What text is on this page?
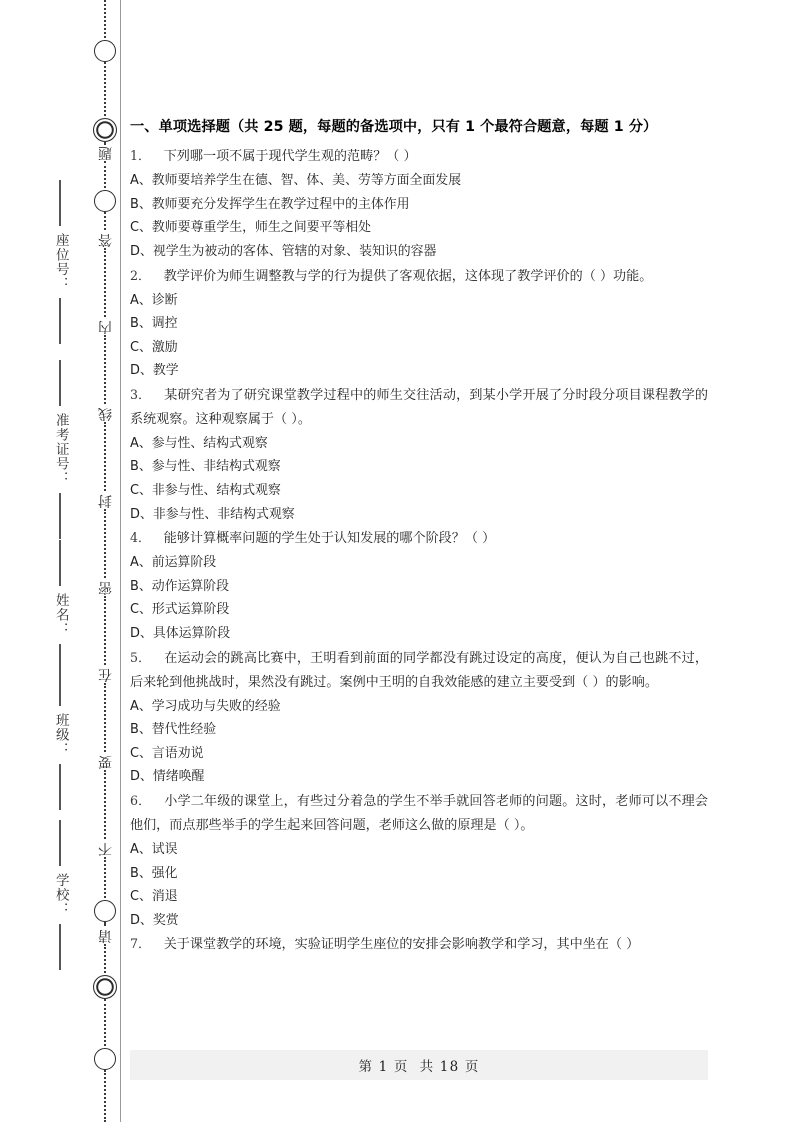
座位号：
准考证号：
姓名：
班级：
学校：
题
答
内
线
封
密
在
要
不
请
一、单项选择题（共 25 题，每题的备选项中，只有 1 个最符合题意，每题 1 分）

1．   下列哪一项不属于现代学生观的范畴？（ ）

A、教师要培养学生在德、智、体、美、劳等方面全面发展

B、教师要充分发挥学生在教学过程中的主体作用

C、教师要尊重学生，师生之间要平等相处

D、视学生为被动的客体、管辖的对象、装知识的容器

2．   教学评价为师生调整教与学的行为提供了客观依据，这体现了教学评价的（ ）功能。

A、诊断

B、调控

C、激励

D、教学

3．   某研究者为了研究课堂教学过程中的师生交往活动，到某小学开展了分时段分项目课程教学的系统观察。这种观察属于（ ）。

A、参与性、结构式观察

B、参与性、非结构式观察

C、非参与性、结构式观察

D、非参与性、非结构式观察

4．   能够计算概率问题的学生处于认知发展的哪个阶段？（ ）

A、前运算阶段

B、动作运算阶段

C、形式运算阶段

D、具体运算阶段

5．   在运动会的跳高比赛中，王明看到前面的同学都没有跳过设定的高度，便认为自己也跳不过，后来轮到他挑战时，果然没有跳过。案例中王明的自我效能感的建立主要受到（ ）的影响。

A、学习成功与失败的经验

B、替代性经验

C、言语劝说

D、情绪唤醒

6．   小学二年级的课堂上，有些过分着急的学生不举手就回答老师的问题。这时，老师可以不理会他们，而点那些举手的学生起来回答问题，老师这么做的原理是（ ）。

A、试误

B、强化

C、消退

D、奖赏

7．   关于课堂教学的环境，实验证明学生座位的安排会影响教学和学习，其中坐在（ ）

第 1 页  共 18 页
